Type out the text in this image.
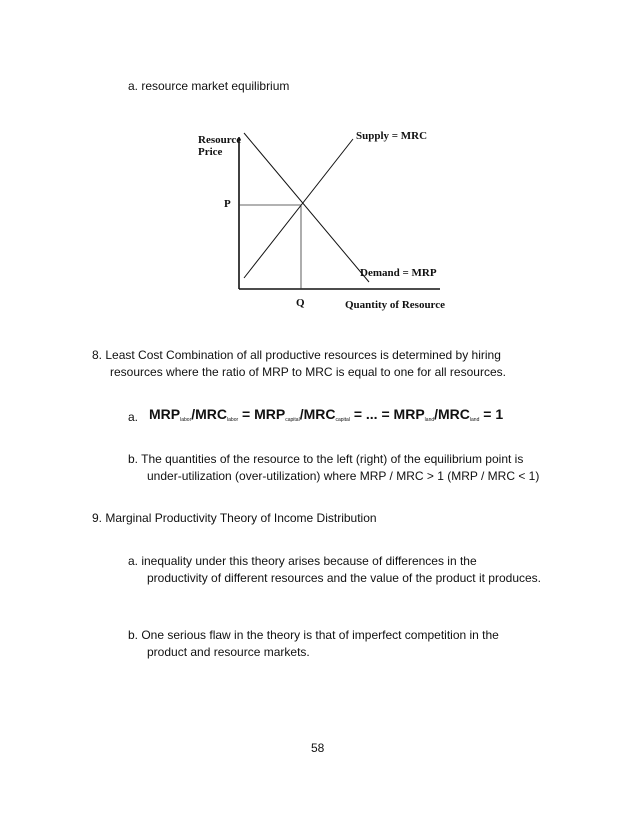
a. resource market equilibrium
Resource
Price
P
Q	Quantity of Resource
Supply = MRC
Demand = MRP
8. Least Cost Combination of all productive resources is determined by hiring
resources where the ratio of MRP to MRC is equal to one for all resources.
a. $MRP_{labor}/MRC_{labor} = MRP_{capital}/MRC_{capital}$ = ... = $MRP_{land}/MRC_{land} = 1$
b. The quantities of the resource to the left (right) of the equilibrium point is
under-utilization (over-utilization) where MRP / MRC > 1 (MRP / MRC < 1)
9. Marginal Productivity Theory of Income Distribution
a. inequality under this theory arises because of differences in the
productivity of different resources and the value of the product it produces.
b. One serious flaw in the theory is that of imperfect competition in the
product and resource markets.
58
